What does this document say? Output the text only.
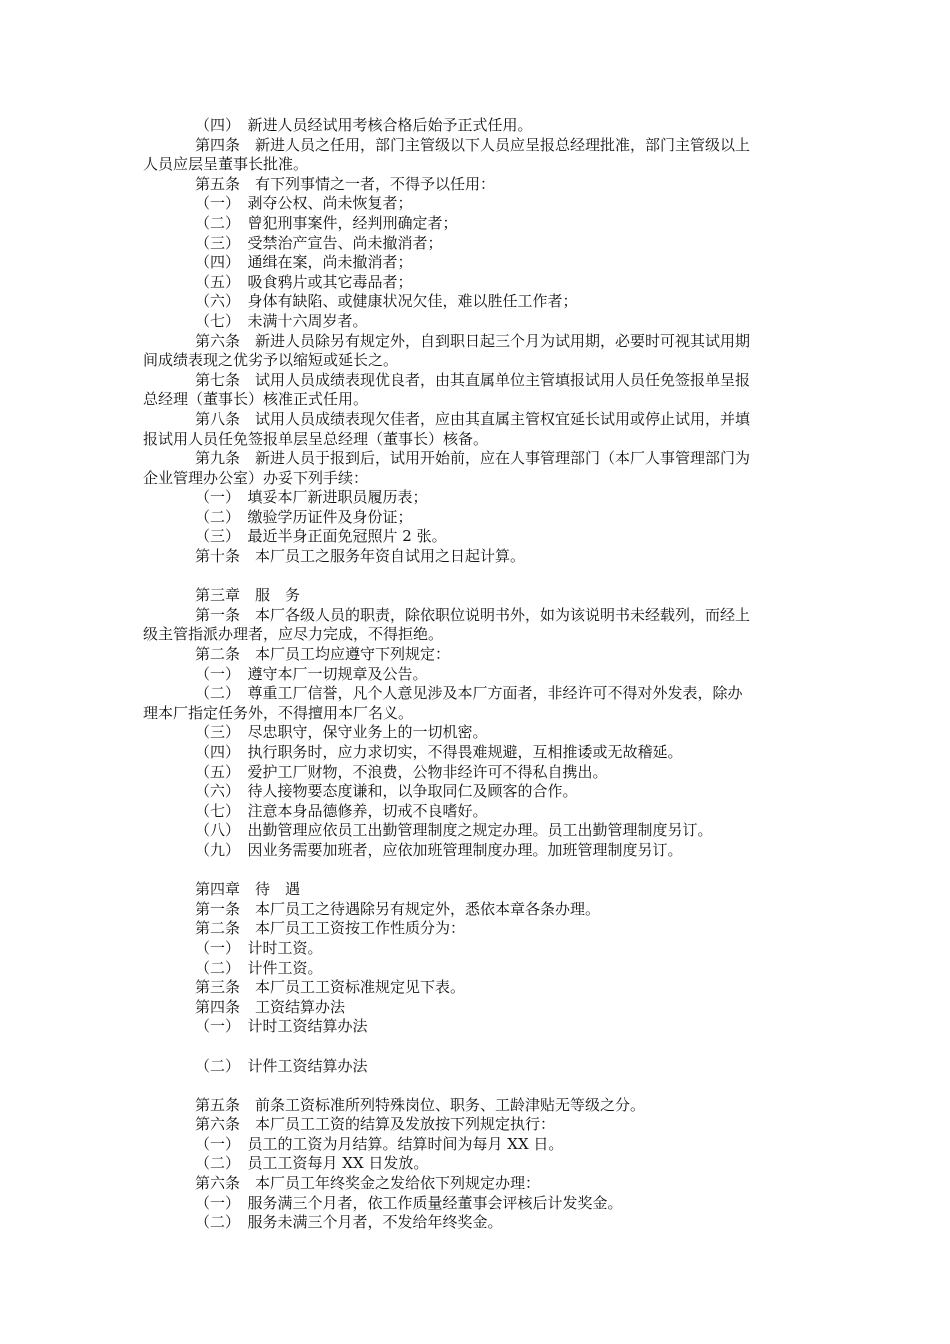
（四）　新进人员经试用考核合格后始予正式任用。
第四条　新进人员之任用，部门主管级以下人员应呈报总经理批准，部门主管级以上
人员应层呈董事长批准。
第五条　有下列事情之一者，不得予以任用：
（一）　剥夺公权、尚未恢复者；
（二）　曾犯刑事案件，经判刑确定者；
（三）　受禁治产宣告、尚未撤消者；
（四）　通缉在案，尚未撤消者；
（五）　吸食鸦片或其它毒品者；
（六）　身体有缺陷、或健康状况欠佳，难以胜任工作者；
（七）　未满十六周岁者。
第六条　新进人员除另有规定外，自到职日起三个月为试用期，必要时可视其试用期
间成绩表现之优劣予以缩短或延长之。
第七条　试用人员成绩表现优良者，由其直属单位主管填报试用人员任免签报单呈报
总经理（董事长）核准正式任用。
第八条　试用人员成绩表现欠佳者，应由其直属主管权宜延长试用或停止试用，并填
报试用人员任免签报单层呈总经理（董事长）核备。
第九条　新进人员于报到后，试用开始前，应在人事管理部门（本厂人事管理部门为
企业管理办公室）办妥下列手续：
（一）　填妥本厂新进职员履历表；
（二）　缴验学历证件及身份证；
（三）　最近半身正面免冠照片 2 张。
第十条　本厂员工之服务年资自试用之日起计算。
第三章　服　务
第一条　本厂各级人员的职责，除依职位说明书外，如为该说明书未经载列，而经上
级主管指派办理者，应尽力完成，不得拒绝。
第二条　本厂员工均应遵守下列规定：
（一）　遵守本厂一切规章及公告。
（二）　尊重工厂信誉，凡个人意见涉及本厂方面者，非经许可不得对外发表，除办
理本厂指定任务外，不得擅用本厂名义。
（三）　尽忠职守，保守业务上的一切机密。
（四）　执行职务时，应力求切实，不得畏难规避，互相推诿或无故稽延。
（五）　爱护工厂财物，不浪费，公物非经许可不得私自携出。
（六）　待人接物要态度谦和，以争取同仁及顾客的合作。
（七）　注意本身品德修养，切戒不良嗜好。
（八）　出勤管理应依员工出勤管理制度之规定办理。员工出勤管理制度另订。
（九）　因业务需要加班者，应依加班管理制度办理。加班管理制度另订。
第四章　待　遇
第一条　本厂员工之待遇除另有规定外，悉依本章各条办理。
第二条　本厂员工工资按工作性质分为：
（一）　计时工资。
（二）　计件工资。
第三条　本厂员工工资标准规定见下表。
第四条　工资结算办法
（一）　计时工资结算办法
（二）　计件工资结算办法
第五条　前条工资标准所列特殊岗位、职务、工龄津贴无等级之分。
第六条　本厂员工工资的结算及发放按下列规定执行：
（一）　员工的工资为月结算。结算时间为每月 XX 日。
（二）　员工工资每月 XX 日发放。
第六条　本厂员工年终奖金之发给依下列规定办理：
（一）　服务满三个月者，依工作质量经董事会评核后计发奖金。
（二）　服务未满三个月者，不发给年终奖金。
